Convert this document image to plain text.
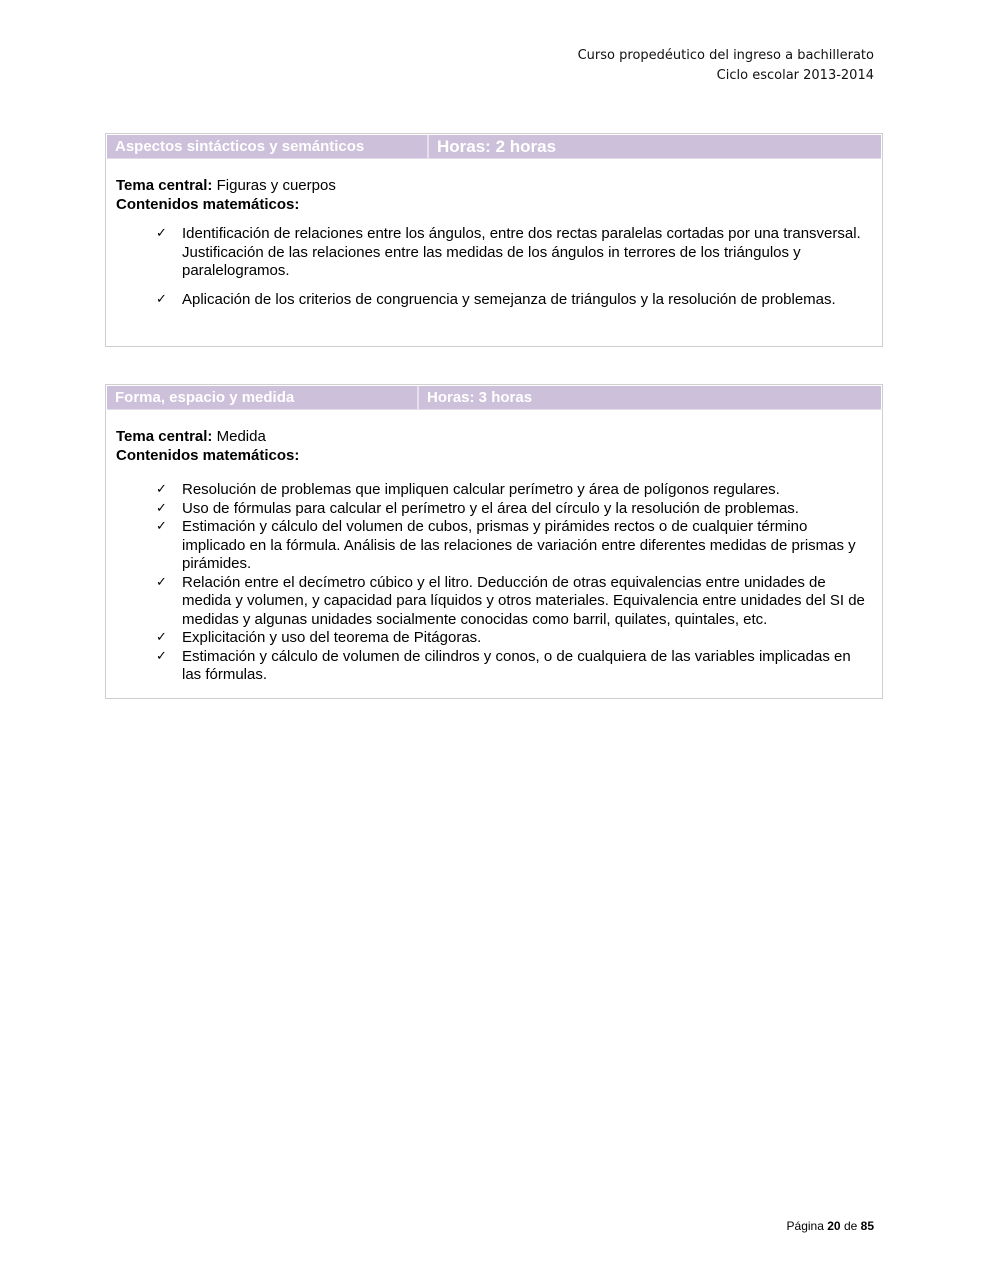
Curso propedéutico del ingreso a bachillerato
Ciclo escolar 2013-2014
Aspectos sintácticos y semánticos	Horas: 2 horas
Tema central: Figuras y cuerpos
Contenidos matemáticos:
✓ Identificación de relaciones entre los ángulos, entre dos rectas paralelas cortadas por una transversal. Justificación de las relaciones entre las medidas de los ángulos in terrores de los triángulos y paralelogramos.
✓ Aplicación de los criterios de congruencia y semejanza de triángulos y la resolución de problemas.
Forma, espacio y medida	Horas: 3 horas
Tema central: Medida
Contenidos matemáticos:
✓ Resolución de problemas que impliquen calcular perímetro y área de polígonos regulares.
✓ Uso de fórmulas para calcular el perímetro y el área del círculo y la resolución de problemas.
✓ Estimación y cálculo del volumen de cubos, prismas y pirámides rectos o de cualquier término implicado en la fórmula. Análisis de las relaciones de variación entre diferentes medidas de prismas y pirámides.
✓ Relación entre el decímetro cúbico y el litro. Deducción de otras equivalencias entre unidades de medida y volumen, y capacidad para líquidos y otros materiales. Equivalencia entre unidades del SI de medidas y algunas unidades socialmente conocidas como barril, quilates, quintales, etc.
✓ Explicitación y uso del teorema de Pitágoras.
✓ Estimación y cálculo de volumen de cilindros y conos, o de cualquiera de las variables implicadas en las fórmulas.
Página 20 de 85
